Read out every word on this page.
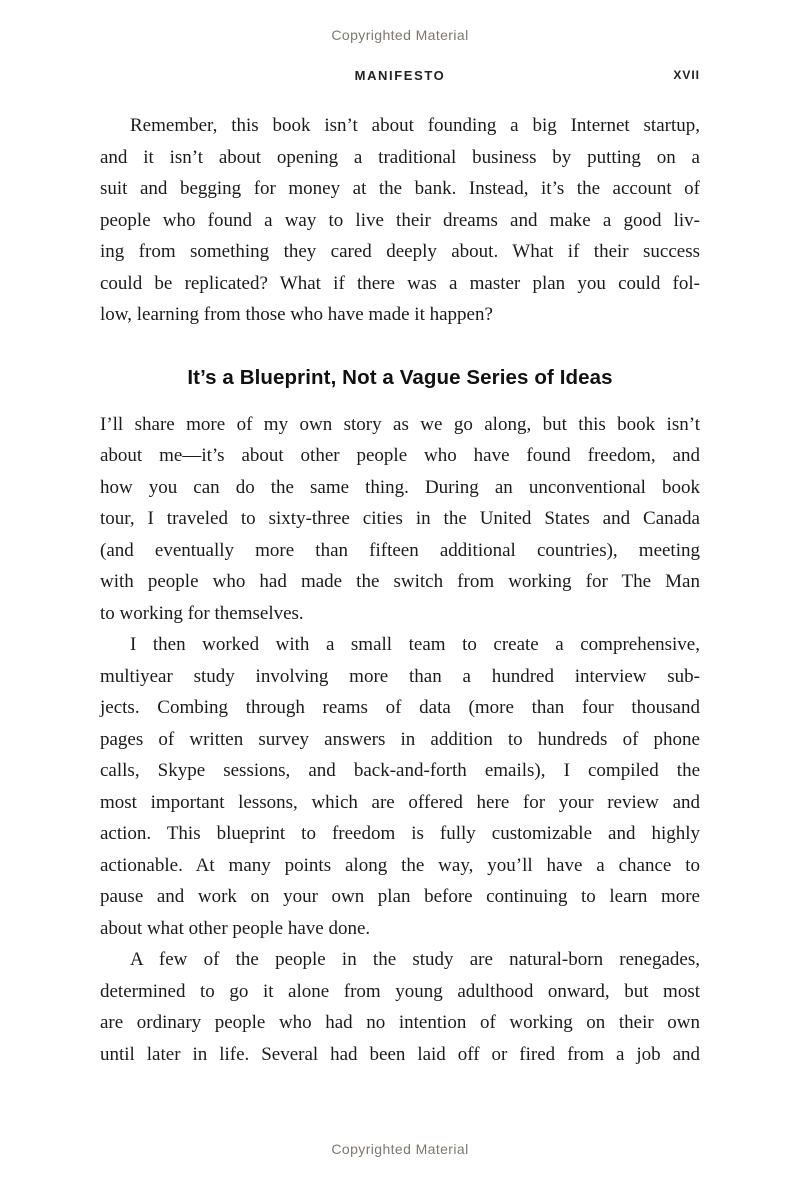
Copyrighted Material
MANIFESTO	XVII
Remember, this book isn’t about founding a big Internet startup,
and it isn’t about opening a traditional business by putting on a
suit and begging for money at the bank. Instead, it’s the account of
people who found a way to live their dreams and make a good liv-
ing from something they cared deeply about. What if their success
could be replicated? What if there was a master plan you could fol-
low, learning from those who have made it happen?
It’s a Blueprint, Not a Vague Series of Ideas
I’ll share more of my own story as we go along, but this book isn’t
about me—it’s about other people who have found freedom, and
how you can do the same thing. During an unconventional book
tour, I traveled to sixty-three cities in the United States and Canada
(and eventually more than fifteen additional countries), meeting
with people who had made the switch from working for The Man
to working for themselves.
I then worked with a small team to create a comprehensive,
multiyear study involving more than a hundred interview sub-
jects. Combing through reams of data (more than four thousand
pages of written survey answers in addition to hundreds of phone
calls, Skype sessions, and back-and-forth emails), I compiled the
most important lessons, which are offered here for your review and
action. This blueprint to freedom is fully customizable and highly
actionable. At many points along the way, you’ll have a chance to
pause and work on your own plan before continuing to learn more
about what other people have done.
A few of the people in the study are natural-born renegades,
determined to go it alone from young adulthood onward, but most
are ordinary people who had no intention of working on their own
until later in life. Several had been laid off or fired from a job and
Copyrighted Material
